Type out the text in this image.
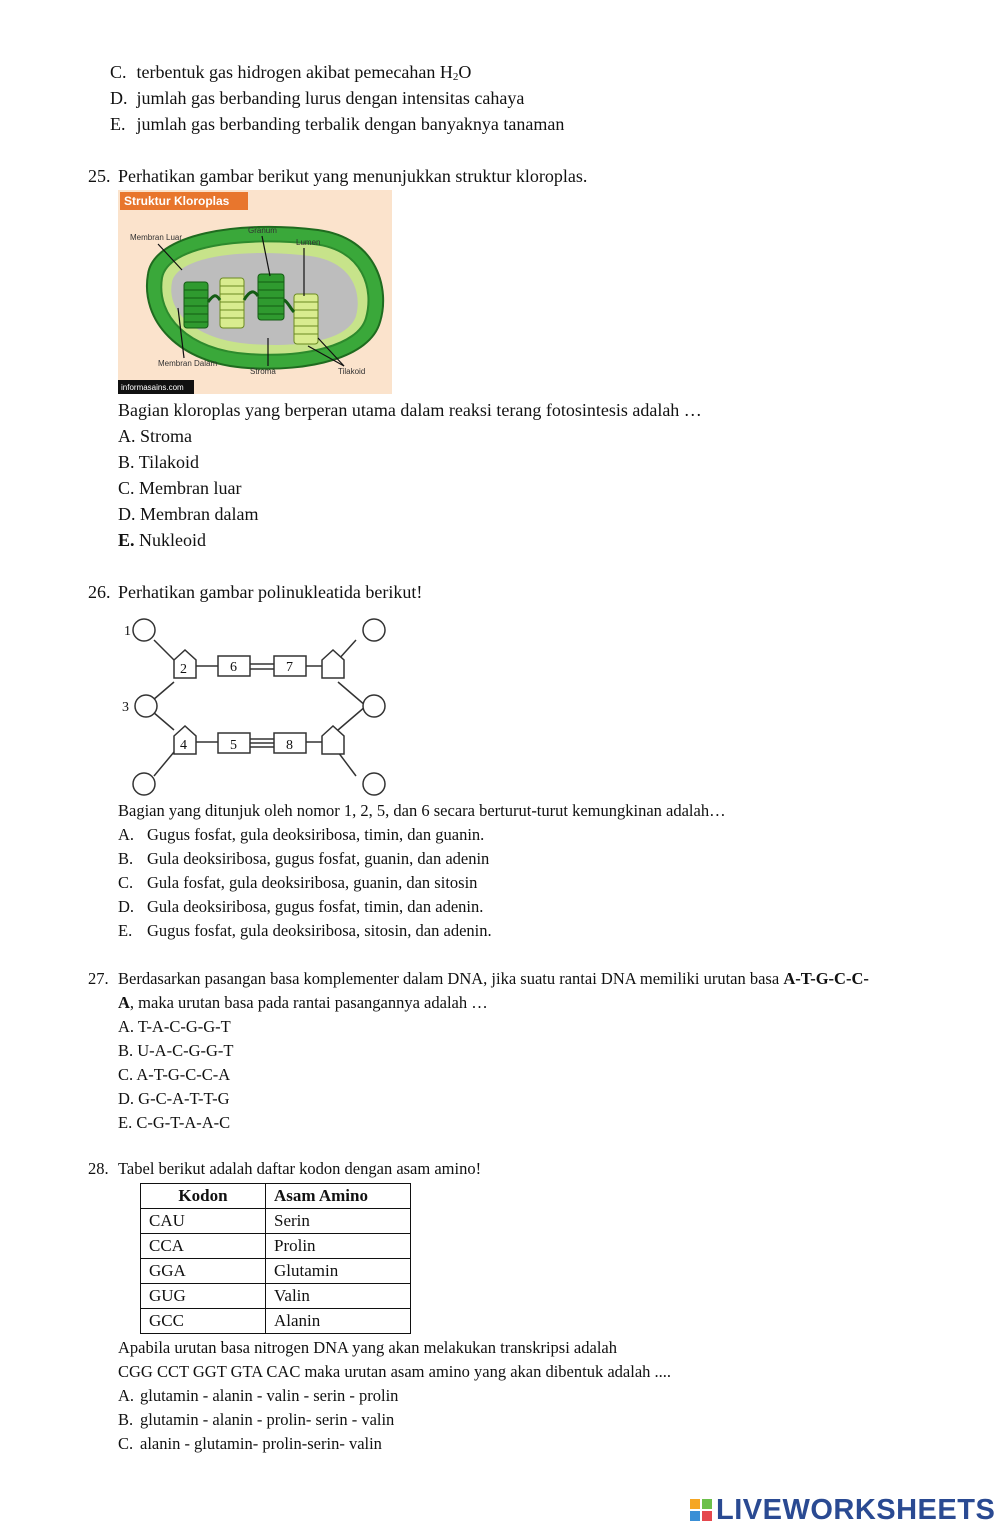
C. terbentuk gas hidrogen akibat pemecahan $H_2O$
D. jumlah gas berbanding lurus dengan intensitas cahaya
E. jumlah gas berbanding terbalik dengan banyaknya tanaman
25. Perhatikan gambar berikut yang menunjukkan struktur kloroplas.
Struktur Kloroplas
Membran Luar
Granum
Lumen
Membran Dalam
Stroma	Tilakoid
informasains.com
Bagian kloroplas yang berperan utama dalam reaksi terang fotosintesis adalah …
A. Stroma
B. Tilakoid
C. Membran luar
D. Membran dalam
E. Nukleoid
26. Perhatikan gambar polinukleatida berikut!
1
2
3
4	5
6	7
8
Bagian yang ditunjuk oleh nomor 1, 2, 5, dan 6 secara berturut-turut kemungkinan adalah…
A. Gugus fosfat, gula deoksiribosa, timin, dan guanin.
B. Gula deoksiribosa, gugus fosfat, guanin, dan adenin
C. Gula fosfat, gula deoksiribosa, guanin, dan sitosin
D. Gula deoksiribosa, gugus fosfat, timin, dan adenin.
E. Gugus fosfat, gula deoksiribosa, sitosin, dan adenin.
27. Berdasarkan pasangan basa komplementer dalam DNA, jika suatu rantai DNA memiliki urutan basa A-T-G-C-C-
A, maka urutan basa pada rantai pasangannya adalah …
A. T-A-C-G-G-T
B. U-A-C-G-G-T
C. A-T-G-C-C-A
D. G-C-A-T-T-G
E. C-G-T-A-A-C
28. Tabel berikut adalah daftar kodon dengan asam amino!
Kodon	Asam Amino
CAU	Serin
CCA	Prolin
GGA	Glutamin
GUG	Valin
GCC	Alanin
Apabila urutan basa nitrogen DNA yang akan melakukan transkripsi adalah
CGG CCT GGT GTA CAC maka urutan asam amino yang akan dibentuk adalah ....
A. glutamin - alanin - valin - serin - prolin
B. glutamin - alanin - prolin- serin - valin
C. alanin - glutamin- prolin-serin- valin
LIVEWORKSHEETS
